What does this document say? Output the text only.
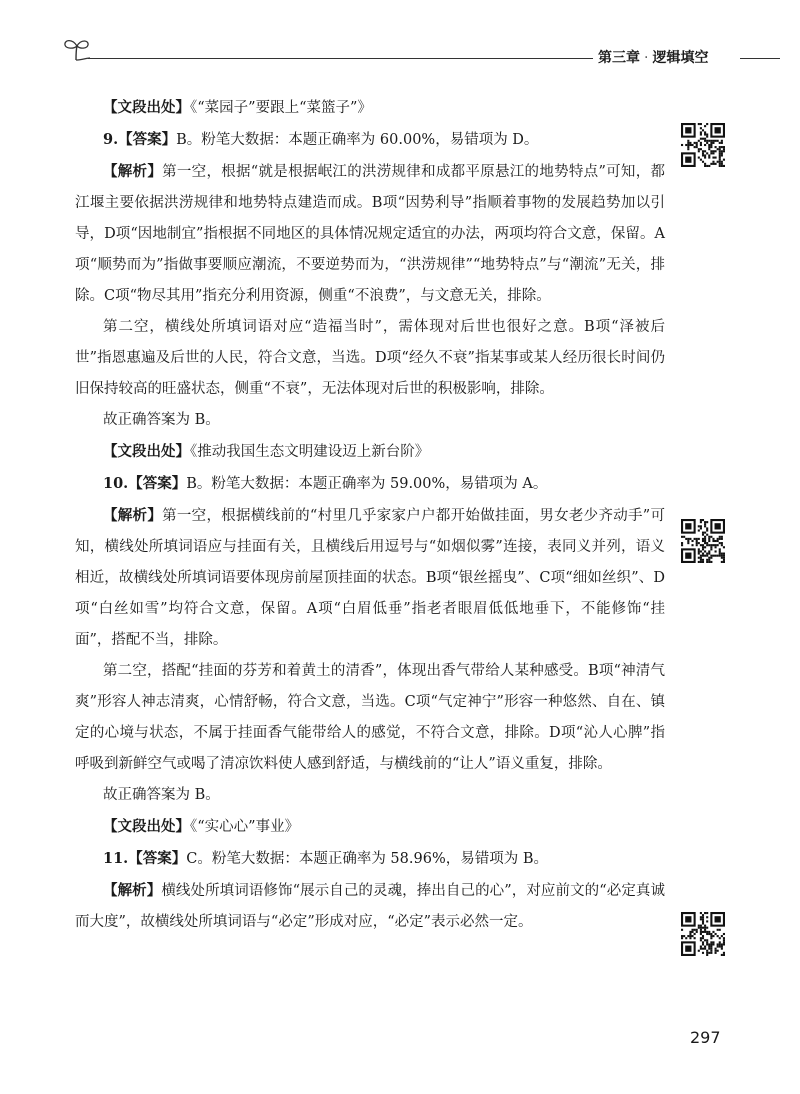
第三章 · 逻辑填空

【文段出处】《“菜园子”要跟上“菜篮子”》

9.【答案】B。粉笔大数据：本题正确率为 60.00%，易错项为 D。

【解析】第一空，根据“就是根据岷江的洪涝规律和成都平原悬江的地势特点”可知，都江堰主要依据洪涝规律和地势特点建造而成。B项“因势利导”指顺着事物的发展趋势加以引导，D项“因地制宜”指根据不同地区的具体情况规定适宜的办法，两项均符合文意，保留。A项“顺势而为”指做事要顺应潮流，不要逆势而为，“洪涝规律”“地势特点”与“潮流”无关，排除。C项“物尽其用”指充分利用资源，侧重“不浪费”，与文意无关，排除。

第二空，横线处所填词语对应“造福当时”，需体现对后世也很好之意。B项“泽被后世”指恩惠遍及后世的人民，符合文意，当选。D项“经久不衰”指某事或某人经历很长时间仍旧保持较高的旺盛状态，侧重“不衰”，无法体现对后世的积极影响，排除。

故正确答案为 B。

【文段出处】《推动我国生态文明建设迈上新台阶》

10.【答案】B。粉笔大数据：本题正确率为 59.00%，易错项为 A。

【解析】第一空，根据横线前的“村里几乎家家户户都开始做挂面，男女老少齐动手”可知，横线处所填词语应与挂面有关，且横线后用逗号与“如烟似雾”连接，表同义并列，语义相近，故横线处所填词语要体现房前屋顶挂面的状态。B项“银丝摇曳”、C项“细如丝织”、D项“白丝如雪”均符合文意，保留。A项“白眉低垂”指老者眼眉低低地垂下，不能修饰“挂面”，搭配不当，排除。

第二空，搭配“挂面的芬芳和着黄土的清香”，体现出香气带给人某种感受。B项“神清气爽”形容人神志清爽，心情舒畅，符合文意，当选。C项“气定神宁”形容一种悠然、自在、镇定的心境与状态，不属于挂面香气能带给人的感觉，不符合文意，排除。D项“沁人心脾”指呼吸到新鲜空气或喝了清凉饮料使人感到舒适，与横线前的“让人”语义重复，排除。

故正确答案为 B。

【文段出处】《“实心心”事业》

11.【答案】C。粉笔大数据：本题正确率为 58.96%，易错项为 B。

【解析】横线处所填词语修饰“展示自己的灵魂，捧出自己的心”，对应前文的“必定真诚而大度”，故横线处所填词语与“必定”形成对应，“必定”表示必然一定。

297
